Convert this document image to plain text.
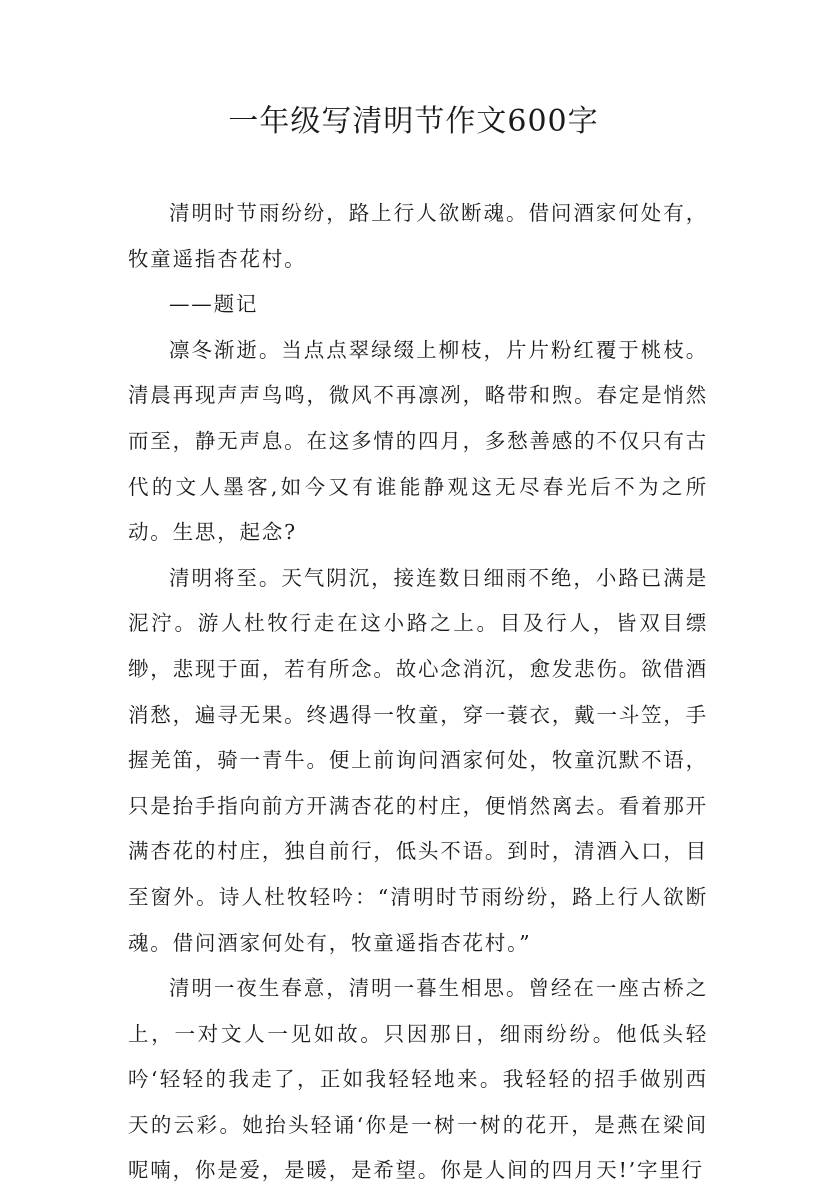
一年级写清明节作文600字

清明时节雨纷纷，路上行人欲断魂。借问酒家何处有，牧童遥指杏花村。

——题记

凛冬渐逝。当点点翠绿缀上柳枝，片片粉红覆于桃枝。清晨再现声声鸟鸣，微风不再凛冽，略带和煦。春定是悄然而至，静无声息。在这多情的四月，多愁善感的不仅只有古代的文人墨客,如今又有谁能静观这无尽春光后不为之所动。生思，起念?

清明将至。天气阴沉，接连数日细雨不绝，小路已满是泥泞。游人杜牧行走在这小路之上。目及行人，皆双目缥缈，悲现于面，若有所念。故心念消沉，愈发悲伤。欲借酒消愁，遍寻无果。终遇得一牧童，穿一蓑衣，戴一斗笠，手握羌笛，骑一青牛。便上前询问酒家何处，牧童沉默不语，只是抬手指向前方开满杏花的村庄，便悄然离去。看着那开满杏花的村庄，独自前行，低头不语。到时，清酒入口，目至窗外。诗人杜牧轻吟：“清明时节雨纷纷，路上行人欲断魂。借问酒家何处有，牧童遥指杏花村。”

清明一夜生春意，清明一暮生相思。曾经在一座古桥之上，一对文人一见如故。只因那日，细雨纷纷。他低头轻吟‘轻轻的我走了，正如我轻轻地来。我轻轻的招手做别西天的云彩。她抬头轻诵‘你是一树一树的花开，是燕在梁间呢喃，你是爱，是暖，是希望。你是人间的四月天!’字里行
